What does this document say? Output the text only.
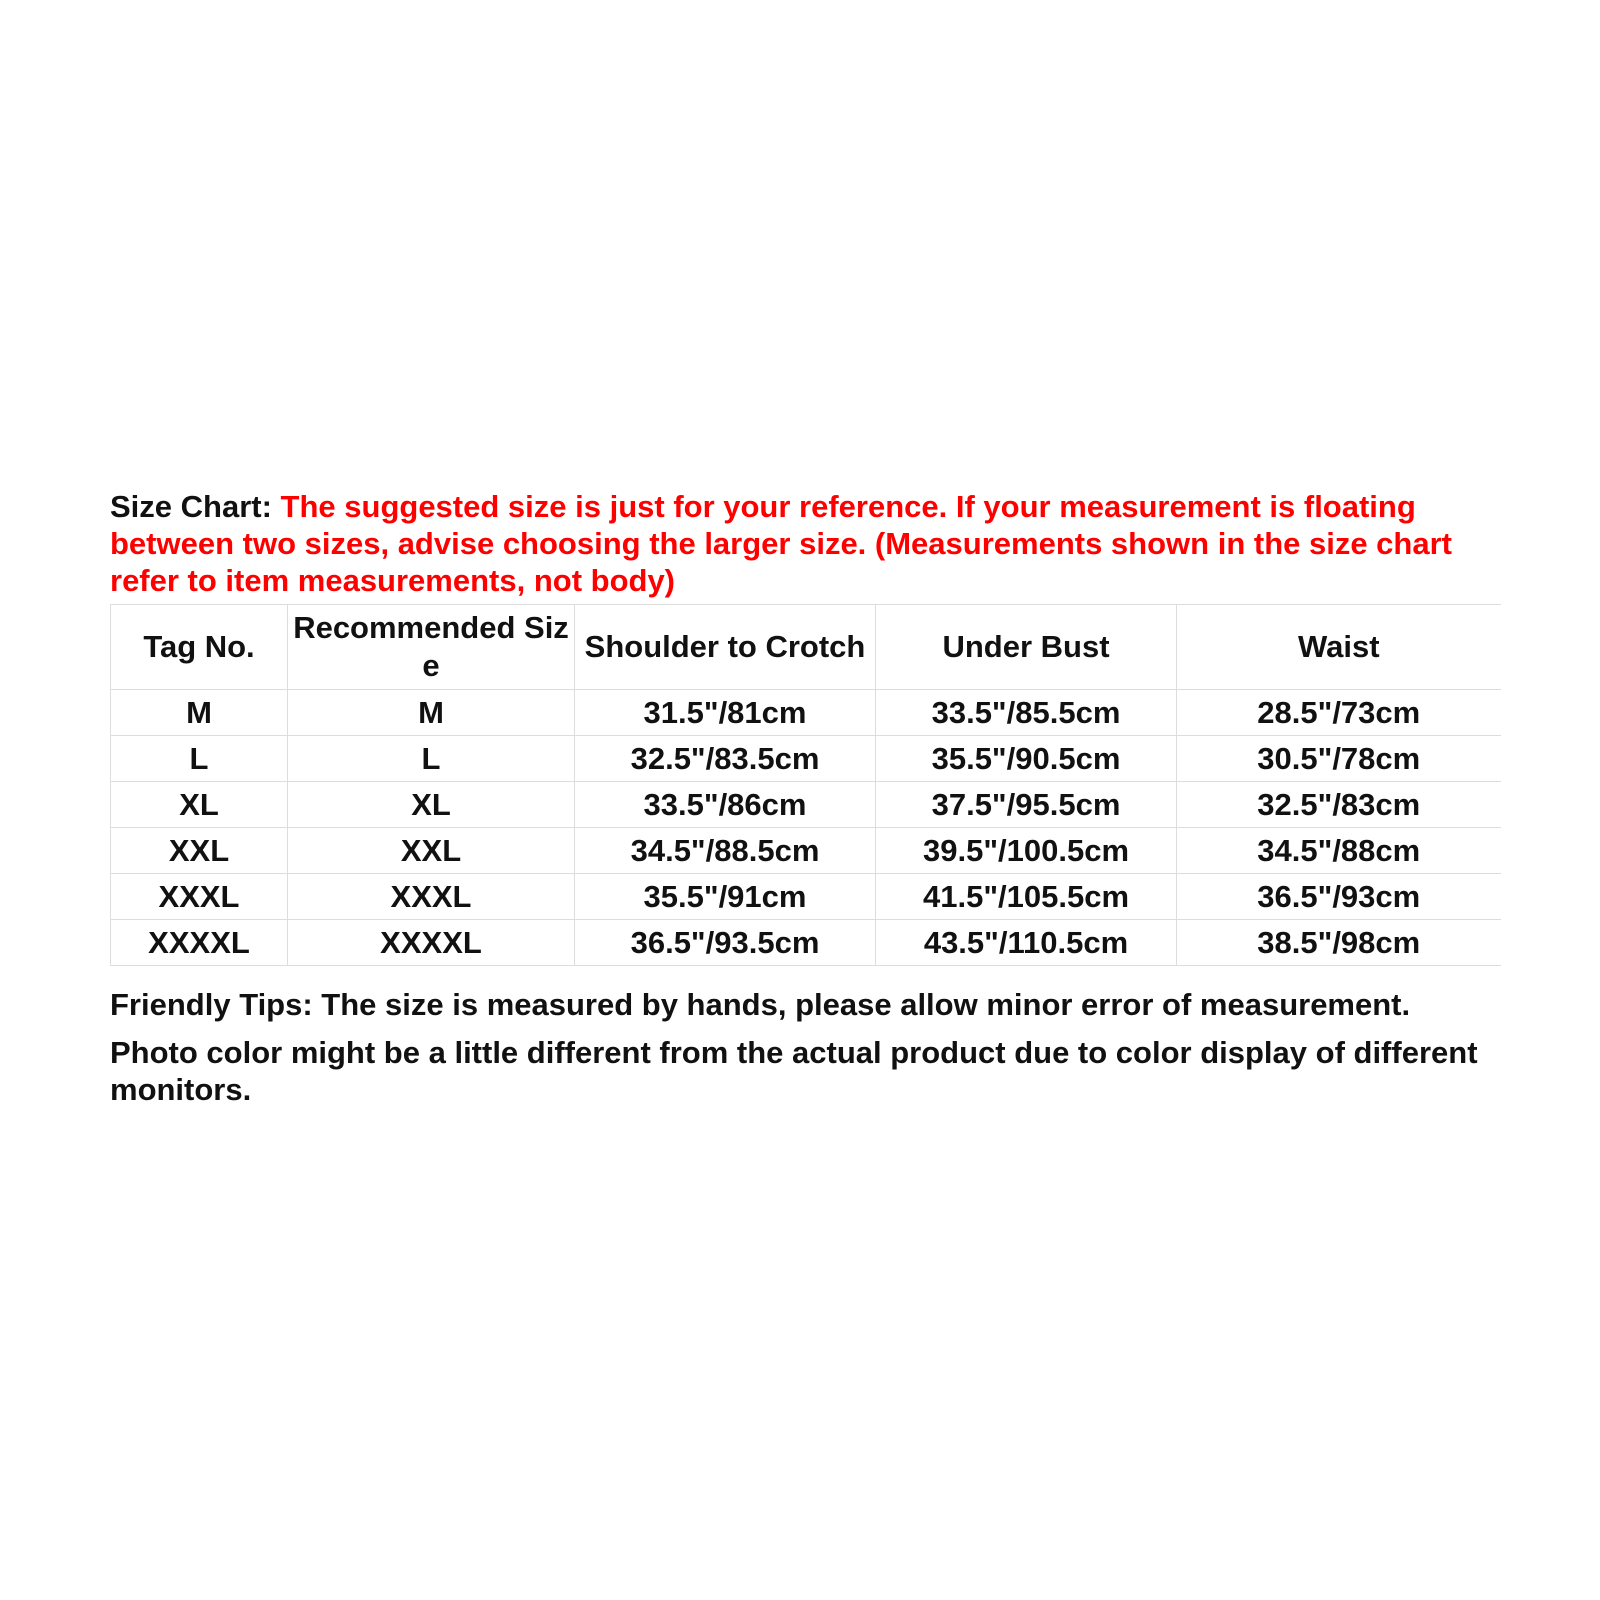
Size Chart: The suggested size is just for your reference. If your measurement is floating between two sizes, advise choosing the larger size. (Measurements shown in the size chart refer to item measurements, not body)

Tag No.	Recommended Size	Shoulder to Crotch	Under Bust	Waist
M	M	31.5"/81cm	33.5"/85.5cm	28.5"/73cm
L	L	32.5"/83.5cm	35.5"/90.5cm	30.5"/78cm
XL	XL	33.5"/86cm	37.5"/95.5cm	32.5"/83cm
XXL	XXL	34.5"/88.5cm	39.5"/100.5cm	34.5"/88cm
XXXL	XXXL	35.5"/91cm	41.5"/105.5cm	36.5"/93cm
XXXXL	XXXXL	36.5"/93.5cm	43.5"/110.5cm	38.5"/98cm

Friendly Tips: The size is measured by hands, please allow minor error of measurement.

Photo color might be a little different from the actual product due to color display of different monitors.
